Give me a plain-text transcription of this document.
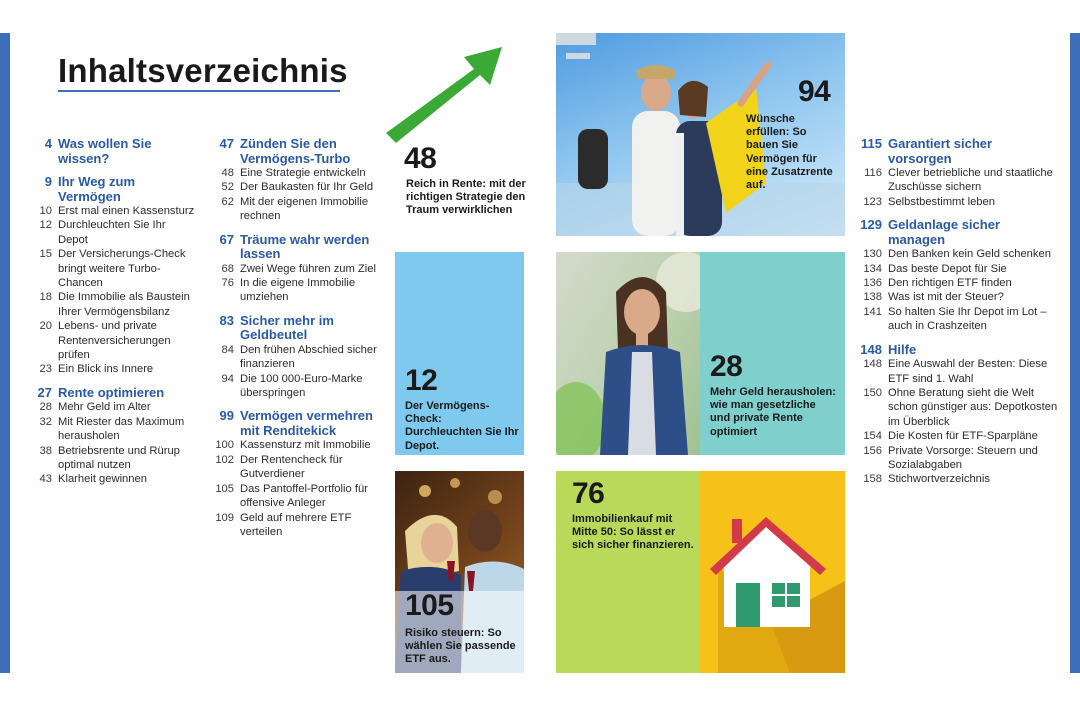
Inhaltsverzeichnis
4 Was wollen Sie wissen?
9 Ihr Weg zum Vermögen
10 Erst mal einen Kassensturz
12 Durchleuchten Sie Ihr Depot
15 Der Versicherungs-Check bringt weitere Turbo-Chancen
18 Die Immobilie als Baustein Ihrer Vermögensbilanz
20 Lebens- und private Rentenversicherungen prüfen
23 Ein Blick ins Innere
27 Rente optimieren
28 Mehr Geld im Alter
32 Mit Riester das Maximum herausholen
38 Betriebsrente und Rürup optimal nutzen
43 Klarheit gewinnen
47 Zünden Sie den Vermögens-Turbo
48 Eine Strategie entwickeln
52 Der Baukasten für Ihr Geld
62 Mit der eigenen Immobilie rechnen
67 Träume wahr werden lassen
68 Zwei Wege führen zum Ziel
76 In die eigene Immobilie umziehen
83 Sicher mehr im Geldbeutel
84 Den frühen Abschied sicher finanzieren
94 Die 100 000-Euro-Marke überspringen
99 Vermögen vermehren mit Renditekick
100 Kassensturz mit Immobilie
102 Der Rentencheck für Gutverdiener
105 Das Pantoffel-Portfolio für offensive Anleger
109 Geld auf mehrere ETF verteilen
115 Garantiert sicher vorsorgen
116 Clever betriebliche und staatliche Zuschüsse sichern
123 Selbstbestimmt leben
129 Geldanlage sicher managen
130 Den Banken kein Geld schenken
134 Das beste Depot für Sie
136 Den richtigen ETF finden
138 Was ist mit der Steuer?
141 So halten Sie Ihr Depot im Lot – auch in Crashzeiten
148 Hilfe
148 Eine Auswahl der Besten: Diese ETF sind 1. Wahl
150 Ohne Beratung sieht die Welt schon günstiger aus: Depotkosten im Überblick
154 Die Kosten für ETF-Sparpläne
156 Private Vorsorge: Steuern und Sozialabgaben
158 Stichwortverzeichnis
48
Reich in Rente: mit der richtigen Strategie den Traum verwirklichen
94
Wünsche erfüllen: So bauen Sie Vermögen für eine Zusatzrente auf.
12
Der Vermögens-Check: Durchleuchten Sie Ihr Depot.
28
Mehr Geld herausholen: wie man gesetzliche und private Rente optimiert
105
Risiko steuern: So wählen Sie passende ETF aus.
76
Immobilienkauf mit Mitte 50: So lässt er sich sicher finanzieren.
